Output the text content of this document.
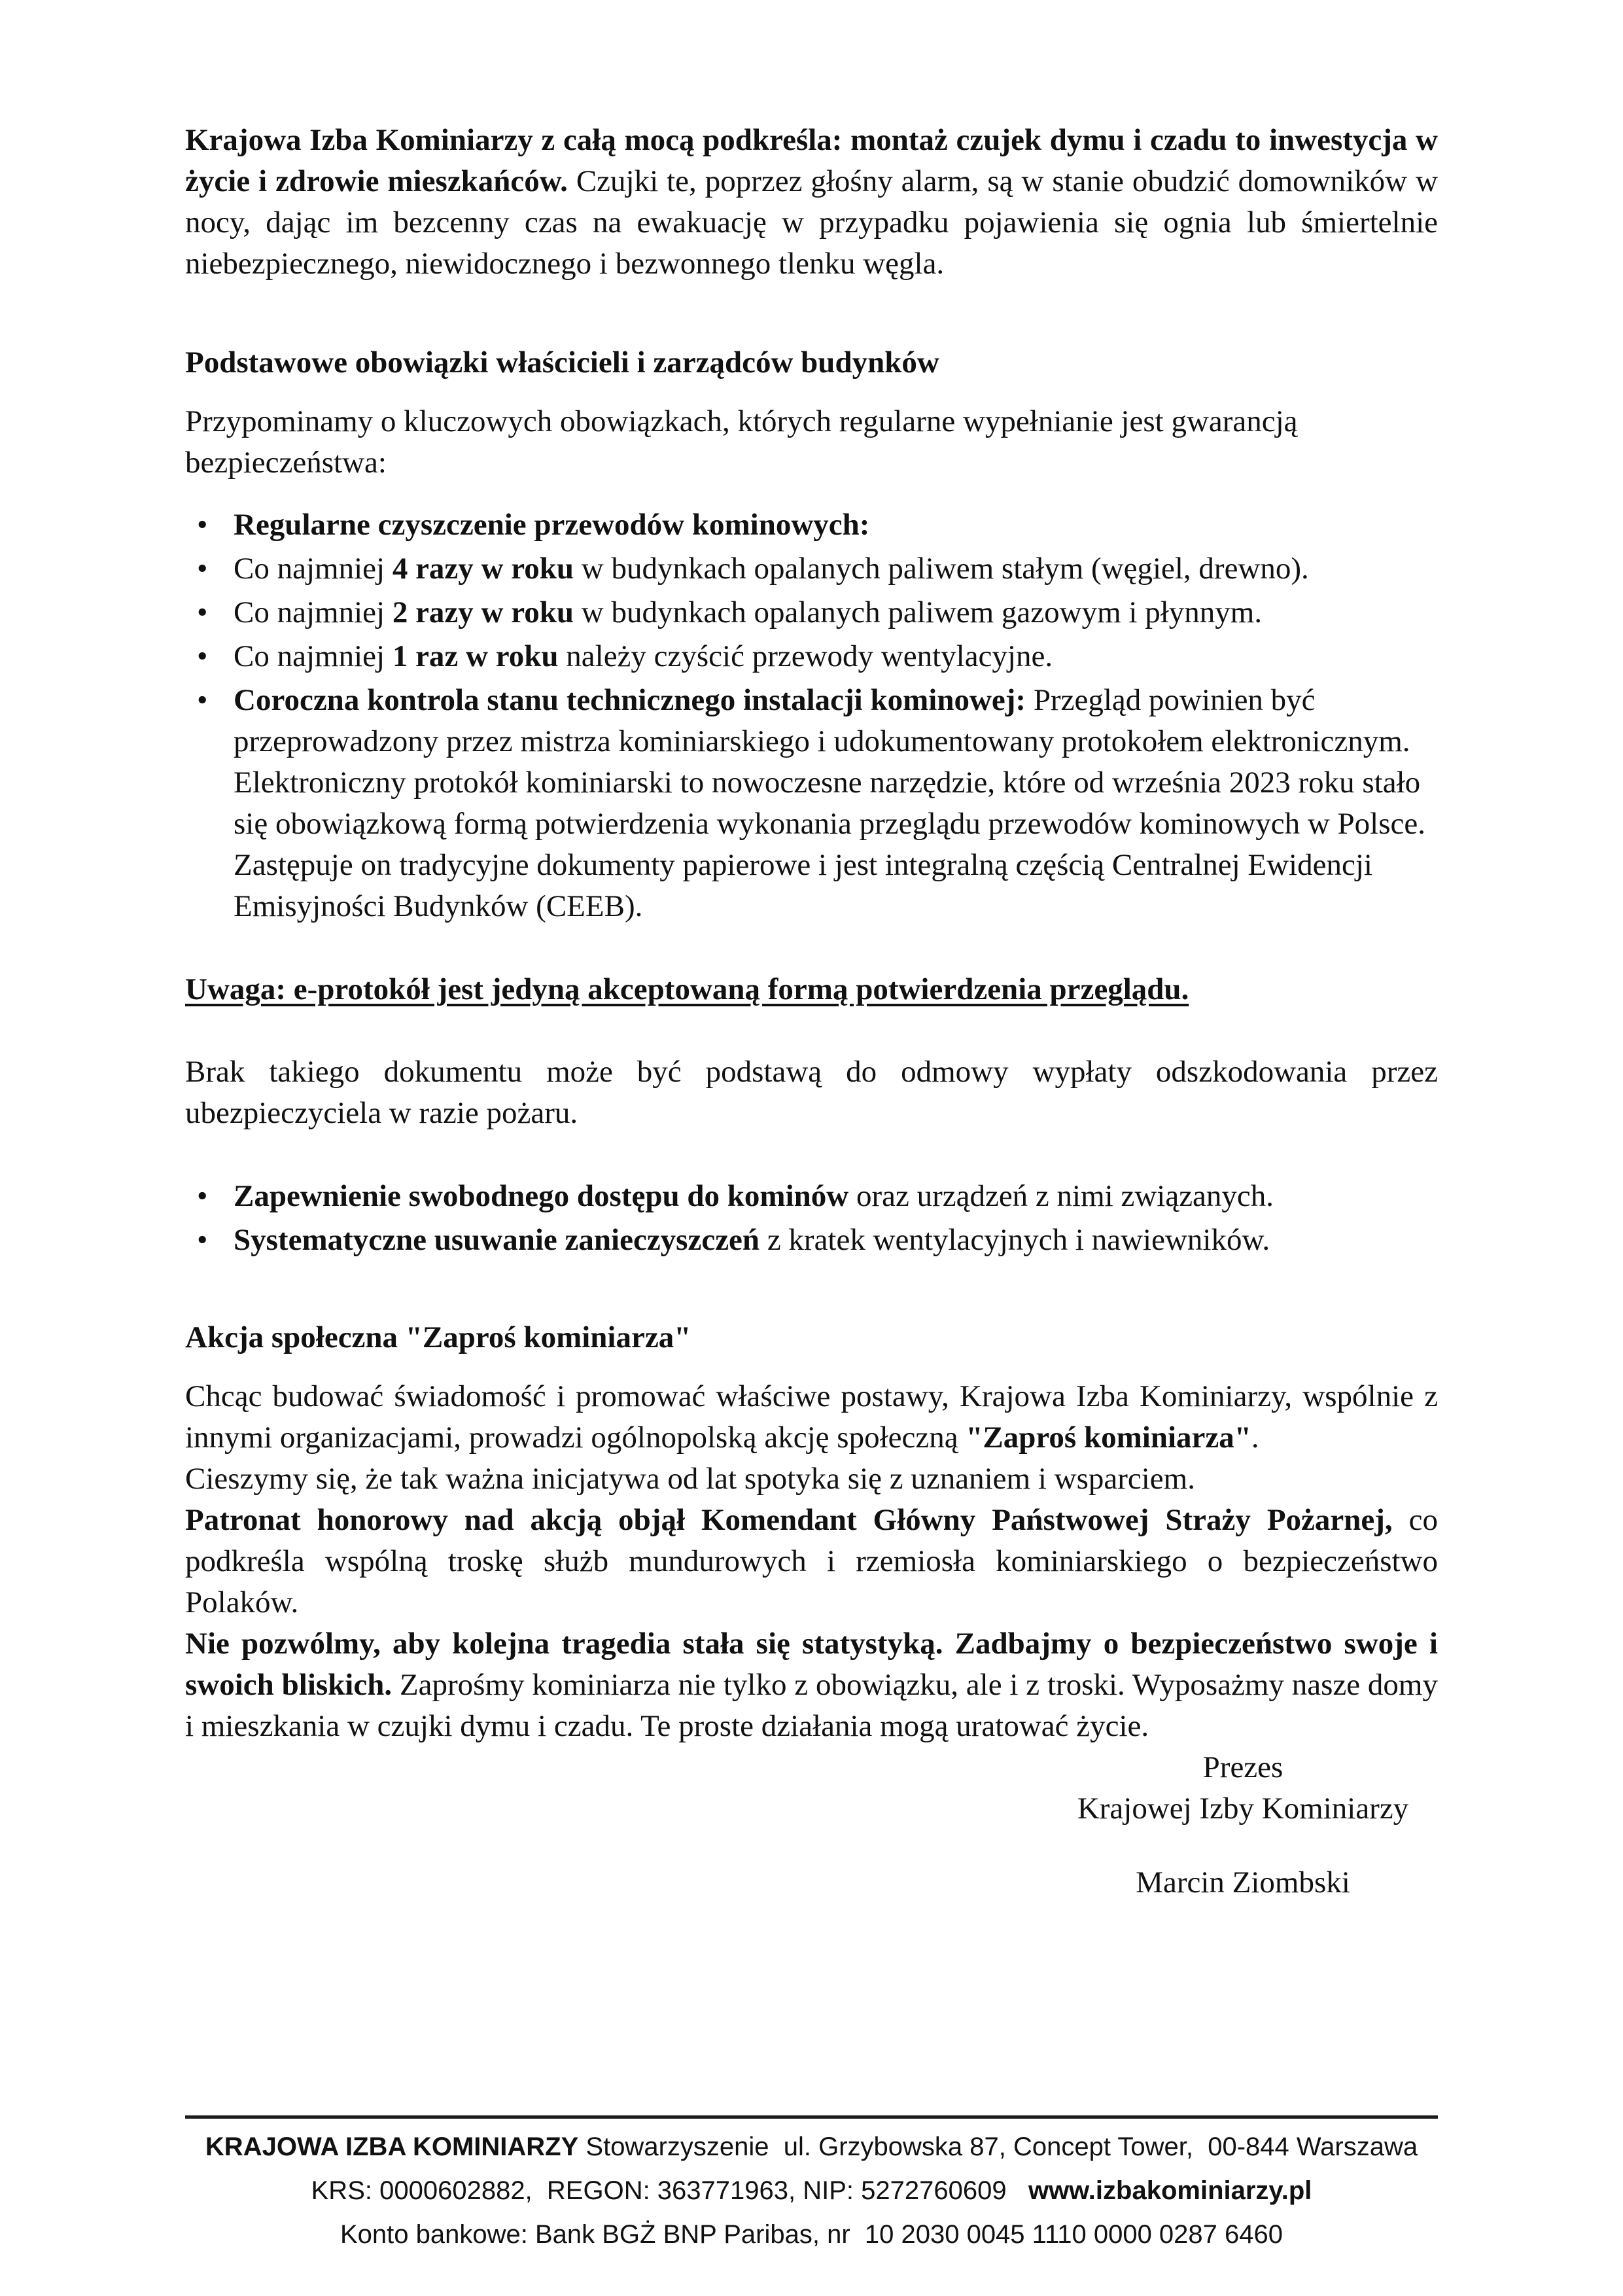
Krajowa Izba Kominiarzy z całą mocą podkreśla: montaż czujek dymu i czadu to inwestycja w życie i zdrowie mieszkańców. Czujki te, poprzez głośny alarm, są w stanie obudzić domowników w nocy, dając im bezcenny czas na ewakuację w przypadku pojawienia się ognia lub śmiertelnie niebezpiecznego, niewidocznego i bezwonnego tlenku węgla.

Podstawowe obowiązki właścicieli i zarządców budynków

Przypominamy o kluczowych obowiązkach, których regularne wypełnianie jest gwarancją bezpieczeństwa:

• Regularne czyszczenie przewodów kominowych:
• Co najmniej 4 razy w roku w budynkach opalanych paliwem stałym (węgiel, drewno).
• Co najmniej 2 razy w roku w budynkach opalanych paliwem gazowym i płynnym.
• Co najmniej 1 raz w roku należy czyścić przewody wentylacyjne.
• Coroczna kontrola stanu technicznego instalacji kominowej: Przegląd powinien być przeprowadzony przez mistrza kominiarskiego i udokumentowany protokołem elektronicznym. Elektroniczny protokół kominiarski to nowoczesne narzędzie, które od września 2023 roku stało się obowiązkową formą potwierdzenia wykonania przeglądu przewodów kominowych w Polsce. Zastępuje on tradycyjne dokumenty papierowe i jest integralną częścią Centralnej Ewidencji Emisyjności Budynków (CEEB).

Uwaga: e-protokół jest jedyną akceptowaną formą potwierdzenia przeglądu.

Brak takiego dokumentu może być podstawą do odmowy wypłaty odszkodowania przez ubezpieczyciela w razie pożaru.

• Zapewnienie swobodnego dostępu do kominów oraz urządzeń z nimi związanych.
• Systematyczne usuwanie zanieczyszczeń z kratek wentylacyjnych i nawiewników.

Akcja społeczna "Zaproś kominiarza"

Chcąc budować świadomość i promować właściwe postawy, Krajowa Izba Kominiarzy, wspólnie z innymi organizacjami, prowadzi ogólnopolską akcję społeczną "Zaproś kominiarza".

Cieszymy się, że tak ważna inicjatywa od lat spotyka się z uznaniem i wsparciem.

Patronat honorowy nad akcją objął Komendant Główny Państwowej Straży Pożarnej, co podkreśla wspólną troskę służb mundurowych i rzemiosła kominiarskiego o bezpieczeństwo Polaków.

Nie pozwólmy, aby kolejna tragedia stała się statystyką. Zadbajmy o bezpieczeństwo swoje i swoich bliskich. Zaprośmy kominiarza nie tylko z obowiązku, ale i z troski. Wyposażmy nasze domy i mieszkania w czujki dymu i czadu. Te proste działania mogą uratować życie.

Prezes
Krajowej Izby Kominiarzy
Marcin Ziombski
KRAJOWA IZBA KOMINIARZY Stowarzyszenie  ul. Grzybowska 87, Concept Tower,  00-844 Warszawa
KRS: 0000602882,  REGON: 363771963, NIP: 5272760609   www.izbakominiarzy.pl
Konto bankowe: Bank BGŻ BNP Paribas, nr  10 2030 0045 1110 0000 0287 6460
